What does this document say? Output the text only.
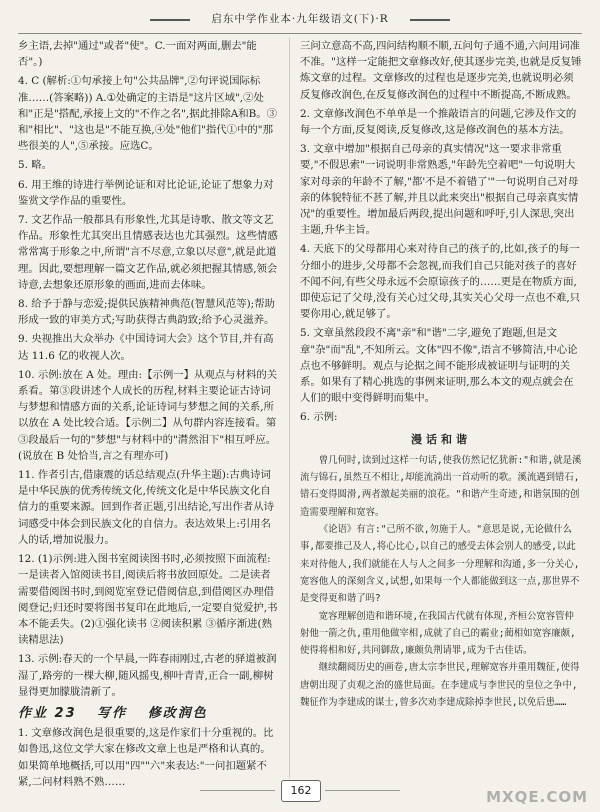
启东中学作业本·九年级语文(下)·R
乡主语,去掉"通过"或者"使"。C.一面对两面,删去"能否"。)
4. C (解析:①句承接上句"公共品牌",②句评说国际标准……(答案略)) A.①处确定的主语是"这片区域",②处和"正是"搭配,承接上文的"不作之名",据此排除A和B。③和"相比"、"这也是"不能互换,④处"他们"指代①中的"那些很美的人",⑤承接。应选C。
5. 略。
6. 用王维的诗进行举例论证和对比论证,论证了想象力对鉴赏文学作品的重要性。
7. 文艺作品一般都具有形象性,尤其是诗歌、散文等文艺作品。形象性尤其突出且情感表达也尤其强烈。这些情感常常寓于形象之中,所谓"言不尽意,立象以尽意",就是此道理。因此,要想理解一篇文艺作品,就必须把握其情感,领会诗意,去想象还原形象的画面,进而去体味。
8. 给予于静与恋爱;提供民族精神典范(智慧风范等);帮助形成一致的审美方式;写助获得古典韵致;给予心灵滋养。
9. 央视推出大众举办《中国诗词大会》这个节目,并有高达 11.6 亿的收视人次。
10. 示例:放在 A 处。理由:【示例一】从观点与材料的关系看。第③段讲述个人成长的历程,材料主要论证古诗词与梦想和情感方面的关系,论证诗词与梦想之间的关系,所以放在 A 处比较合适。【示例二】从句群内容连接看。第③段最后一句的"梦想"与材料中的"潸然泪下"相互呼应。(说放在 B 处恰当,言之有理亦可)
11. 作者引古,借康震的话总结观点(升华主题):古典诗词是中华民族的优秀传统文化,传统文化是中华民族文化自信力的重要来源。回到作者正题,引出结论,写出作者从诗词感受中体会到民族文化的自信力。表达效果上:引用名人的话,增加说服力。
12. (1)示例:进入图书室阅读图书时,必须按照下面流程:一是读者入馆阅读书目,阅读后将书放回原处。二是读者需要借阅图书时,到阅览室登记借阅信息,到借阅区办理借阅登记;归还时要将图书复印在此地后,一定要自觉爱护,书本不能丢失。(2)①强化读书 ②阅读积累 ③循序渐进(熟读精思法)
13. 示例:春天的一个早晨,一阵春雨刚过,古老的驿道被润湿了,路旁的一棵大柳,随风摇曳,柳叶青青,正合一副,柳树显得更加朦胧清新了。
作业 23 写作 修改润色
1. 文章修改润色是很重要的,这是作家们十分重视的。比如鲁迅,这位文学大家在修改文章上也是严格和认真的。如果简单地概括,可以用"四""六"来表达:"一问扣题紧不紧,二问材料熟不熟……
三问立意高不高,四问结构顺不顺,五问句子通不通,六问用词准不准。"这样一定能把文章修改好,使其逐步完美,也就是反复锤炼文章的过程。文章修改的过程也是逐步完美,也就说明必须反复修改润色,在反复修改润色的过程中不断提高,不断成熟。
2. 文章修改润色不单单是一个推敲语言的问题,它涉及作文的每一个方面,反复阅读,反复修改,这是修改润色的基本方法。
3. 文章中增加"根据自己母亲的真实情况"这一要求非常重要,"不假思索"一词说明非常熟悉,"年龄先空着吧"一句说明大家对母亲的年龄不了解,"都'不是不着错了'"一句说明自己对母亲的体貌特征不甚了解,并且以此来突出"根据自己母亲真实情况"的重要性。增加最后两段,提出问题和呼吁,引人深思,突出主题,升华主旨。
4. 天底下的父母都用心来对待自己的孩子的,比如,孩子的每一分细小的进步,父母都不会忽视,而我们自己只能对孩子的喜好不闻不问,有些父母永远不会原谅孩子的……更是在物质方面,即使忘记了父母,没有关心过父母,其实关心父母一点也不难,只要你用心,就足够了。
5. 文章虽然段段不离"亲"和"谐"二字,避免了跑题,但是文章"杂"而"乱",不知所云。文体"四不像",语言不够简洁,中心论点也不够鲜明。观点与论据之间不能形成被证明与证明的关系。如果有了精心挑选的事例来证明,那么本文的观点就会在人们的眼中变得鲜明而集中。
6. 示例:
漫话和谐

曾几何时,读到过这样一句话,使我仿然记忆犹新:"和谐,就是溪流与锦石,虽然互不相让,却能流淌出一首动听的歌。溪流遇到错石,错石变得圆滑,两者激起美丽的浪花。"和谐产生奇迹,和谐氛围的创造需要理解和宽容。

《论语》有言:"己所不欲,勿施于人。"意思是说,无论做什么事,都要推己及人,将心比心,以自己的感受去体会别人的感受,以此来对待他人,我们就能在人与人之间多一分理解和沟通,多一分关心,宽容他人的深刻含义,试想,如果每一个人都能做到这一点,那世界不是变得更和谐了吗?

宽容理解创造和谐环境,在我国古代就有体现,齐桓公宽容管仲射他一箭之仇,重用他做宰相,成就了自己的霸业;蔺相如宽容廉颇,使得将相和好,共同御敌,廉颇负荆请罪,成为千古佳话。

继续翻阅历史的画卷,唐太宗李世民,理解宽容并重用魏征,使得唐朝出现了贞观之治的盛世局面。在李建成与李世民的皇位之争中,魏征作为李建成的谋士,曾多次劝李建成除掉李世民,以免后患……

162	MXQE.COM
